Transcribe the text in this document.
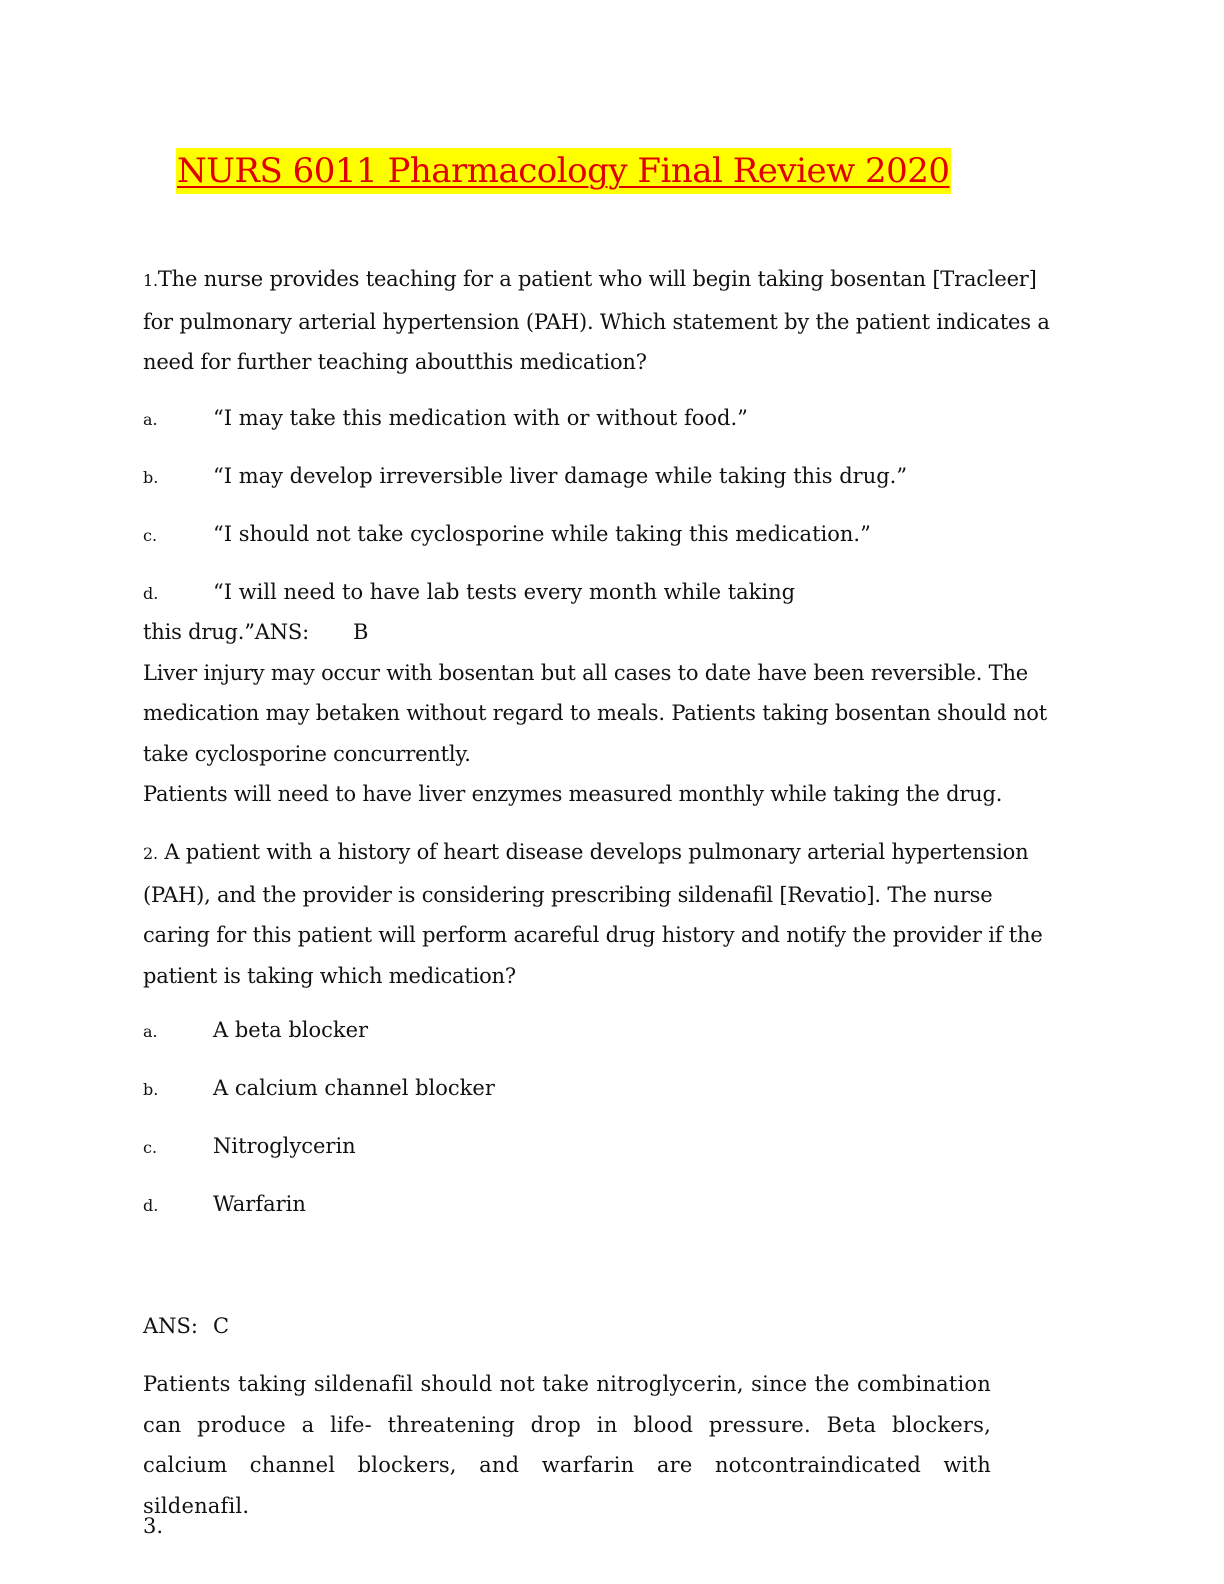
NURS 6011 Pharmacology Final Review 2020
1.The nurse provides teaching for a patient who will begin taking bosentan [Tracleer] for pulmonary arterial hypertension (PAH). Which statement by the patient indicates a need for further teaching aboutthis medication?
a.	“I may take this medication with or without food.”
b.	“I may develop irreversible liver damage while taking this drug.”
c.	“I should not take cyclosporine while taking this medication.”
d.	“I will need to have lab tests every month while taking
this drug.”ANS: B
Liver injury may occur with bosentan but all cases to date have been reversible. The medication may betaken without regard to meals. Patients taking bosentan should not take cyclosporine concurrently.
Patients will need to have liver enzymes measured monthly while taking the drug.
2. A patient with a history of heart disease develops pulmonary arterial hypertension (PAH), and the provider is considering prescribing sildenafil [Revatio]. The nurse caring for this patient will perform acareful drug history and notify the provider if the patient is taking which medication?
a.	A beta blocker
b.	A calcium channel blocker
c.	Nitroglycerin
d.	Warfarin
ANS: C
Patients taking sildenafil should not take nitroglycerin, since the combination can produce a life- threatening drop in blood pressure. Beta blockers, calcium channel blockers, and warfarin are notcontraindicated with sildenafil.
3.
